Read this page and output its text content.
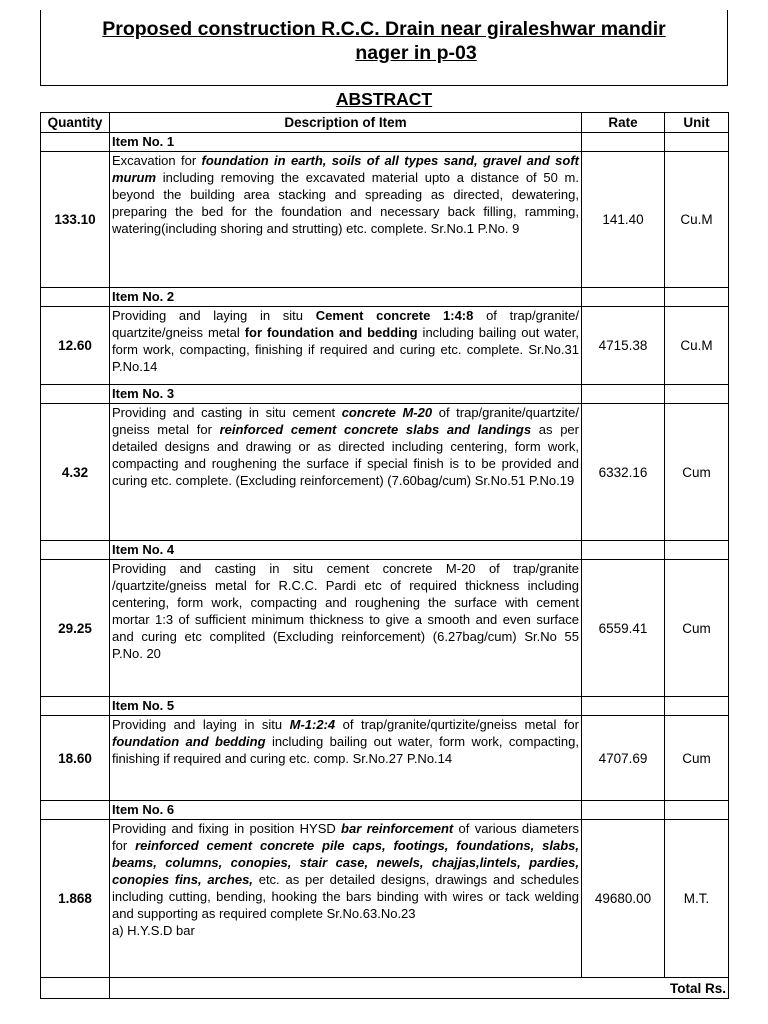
Proposed construction R.C.C. Drain near giraleshwar mandir
nager in p-03
ABSTRACT
Quantity	Description of Item	Rate	Unit
	Item No. 1		
133.10	Excavation for foundation in earth, soils of all types sand, gravel and soft murum including removing the excavated material upto a distance of 50 m. beyond the building area stacking and spreading as directed, dewatering, preparing the bed for the foundation and necessary back filling, ramming, watering(including shoring and strutting) etc. complete. Sr.No.1 P.No. 9	141.40	Cu.M
	Item No. 2		
12.60	Providing and laying in situ Cement concrete 1:4:8 of trap/granite/ quartzite/gneiss metal for foundation and bedding including bailing out water, form work, compacting, finishing if required and curing etc. complete. Sr.No.31 P.No.14	4715.38	Cu.M
	Item No. 3		
4.32	Providing and casting in situ cement concrete M-20 of trap/granite/quartzite/ gneiss metal for reinforced cement concrete slabs and landings as per detailed designs and drawing or as directed including centering, form work, compacting and roughening the surface if special finish is to be provided and curing etc. complete. (Excluding reinforcement) (7.60bag/cum) Sr.No.51 P.No.19	6332.16	Cum
	Item No. 4		
29.25	Providing and casting in situ cement concrete M-20 of trap/granite /quartzite/gneiss metal for R.C.C. Pardi etc of required thickness including centering, form work, compacting and roughening the surface with cement mortar 1:3 of sufficient minimum thickness to give a smooth and even surface and curing etc complited (Excluding reinforcement) (6.27bag/cum) Sr.No 55 P.No. 20	6559.41	Cum
	Item No. 5		
18.60	Providing and laying in situ M-1:2:4 of trap/granite/qurtizite/gneiss metal for foundation and bedding including bailing out water, form work, compacting, finishing if required and curing etc. comp. Sr.No.27 P.No.14	4707.69	Cum
	Item No. 6		
1.868	Providing and fixing in position HYSD bar reinforcement of various diameters for reinforced cement concrete pile caps, footings, foundations, slabs, beams, columns, conopies, stair case, newels, chajjas,lintels, pardies, conopies fins, arches, etc. as per detailed designs, drawings and schedules including cutting, bending, hooking the bars binding with wires or tack welding and supporting as required complete Sr.No.63.No.23
a) H.Y.S.D bar	49680.00	M.T.
	Total Rs.		
